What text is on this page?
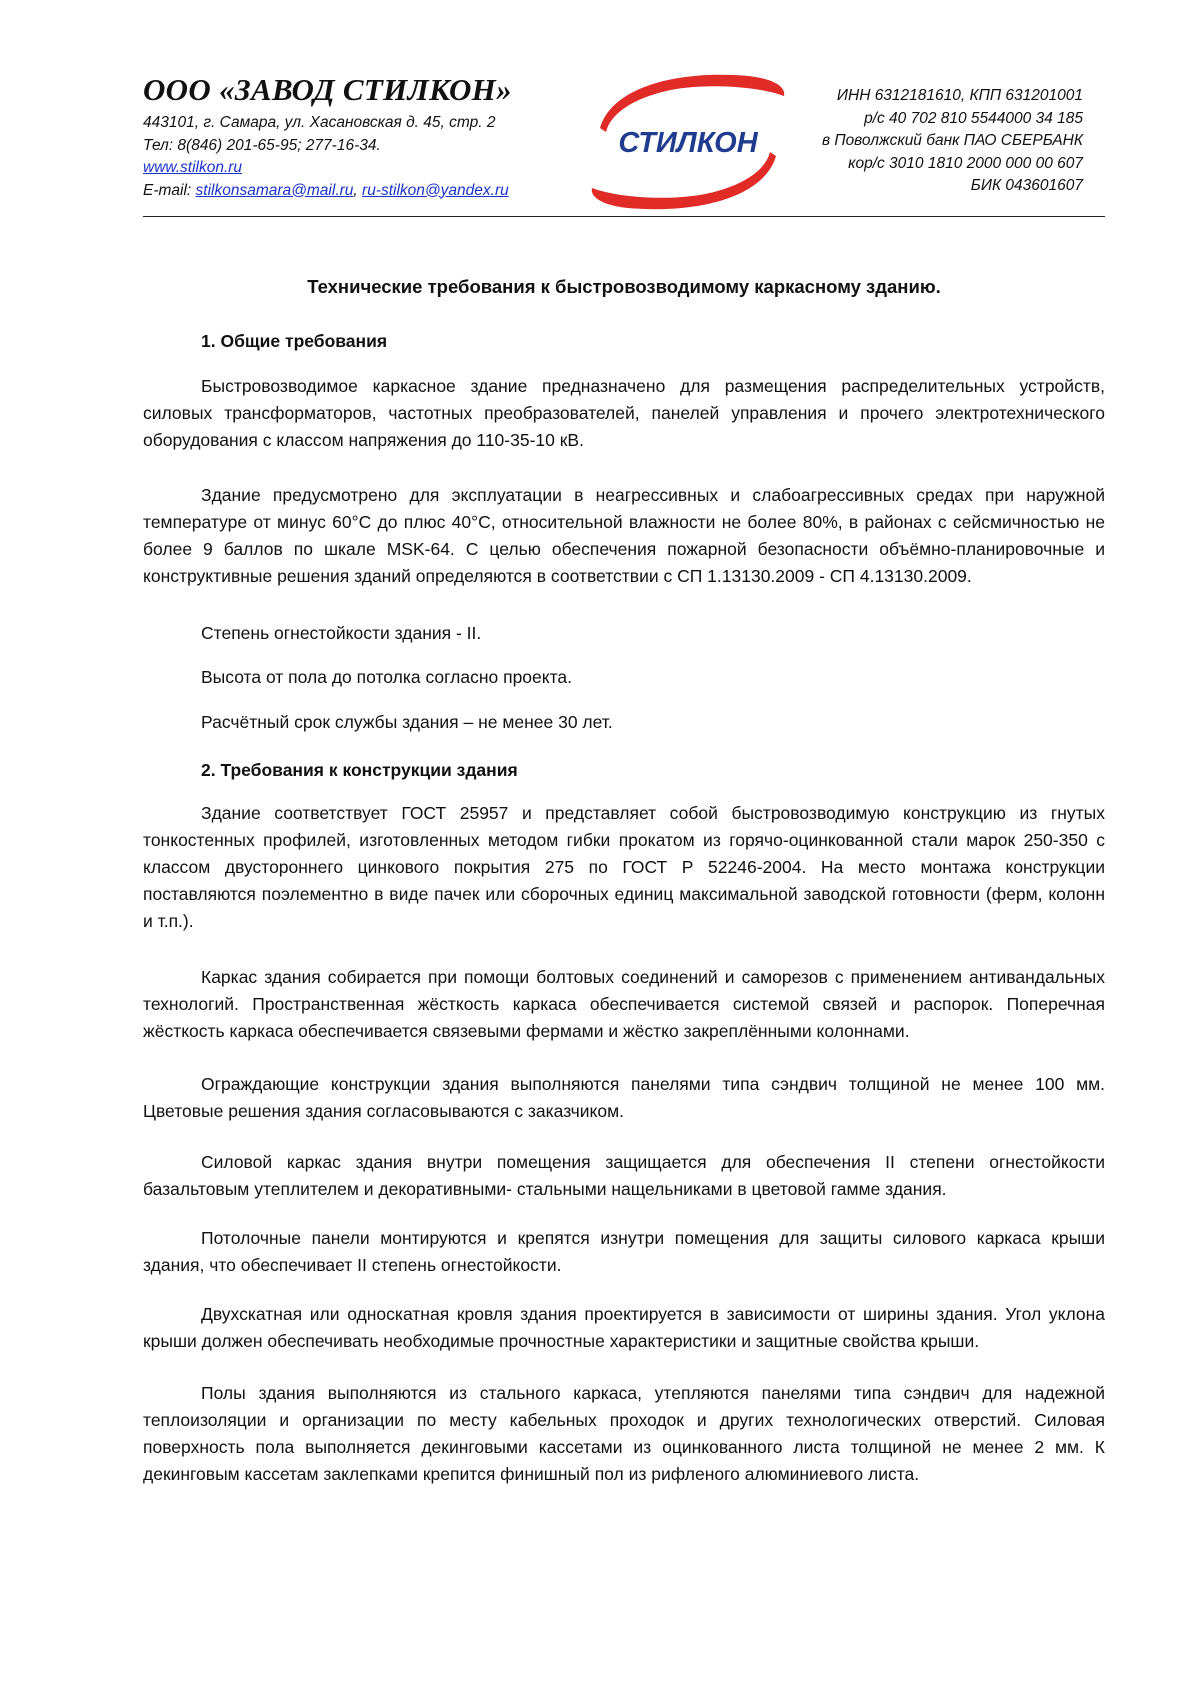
ООО «ЗАВОД СТИЛКОН»
443101, г. Самара, ул. Хасановская д. 45, стр. 2
Тел: 8(846) 201-65-95; 277-16-34.
www.stilkon.ru
E-mail: stilkonsamara@mail.ru, ru-stilkon@yandex.ru
СТИЛКОН
ИНН 6312181610, КПП 631201001
р/с 40 702 810 5544000 34 185
в Поволжский банк ПАО СБЕРБАНК
кор/с 3010 1810 2000 000 00 607
БИК 043601607
Технические требования к быстровозводимому каркасному зданию.
1. Общие требования
Быстровозводимое каркасное здание предназначено для размещения распределительных устройств, силовых трансформаторов, частотных преобразователей, панелей управления и прочего электротехнического оборудования с классом напряжения до 110-35-10 кВ.
Здание предусмотрено для эксплуатации в неагрессивных и слабоагрессивных средах при наружной температуре от минус 60°C до плюс 40°C, относительной влажности не более 80%, в районах с сейсмичностью не более 9 баллов по шкале MSK-64. С целью обеспечения пожарной безопасности объёмно-планировочные и конструктивные решения зданий определяются в соответствии с СП 1.13130.2009 - СП 4.13130.2009.
Степень огнестойкости здания - II.
Высота от пола до потолка согласно проекта.
Расчётный срок службы здания – не менее 30 лет.
2. Требования к конструкции здания
Здание соответствует ГОСТ 25957 и представляет собой быстровозводимую конструкцию из гнутых тонкостенных профилей, изготовленных методом гибки прокатом из горячо-оцинкованной стали марок 250-350 с классом двустороннего цинкового покрытия 275 по ГОСТ Р 52246-2004. На место монтажа конструкции поставляются поэлементно в виде пачек или сборочных единиц максимальной заводской готовности (ферм, колонн и т.п.).
Каркас здания собирается при помощи болтовых соединений и саморезов с применением антивандальных технологий. Пространственная жёсткость каркаса обеспечивается системой связей и распорок. Поперечная жёсткость каркаса обеспечивается связевыми фермами и жёстко закреплёнными колоннами.
Ограждающие конструкции здания выполняются панелями типа сэндвич толщиной не менее 100 мм. Цветовые решения здания согласовываются с заказчиком.
Силовой каркас здания внутри помещения защищается для обеспечения II степени огнестойкости базальтовым утеплителем и декоративными- стальными нащельниками в цветовой гамме здания.
Потолочные панели монтируются и крепятся изнутри помещения для защиты силового каркаса крыши здания, что обеспечивает II степень огнестойкости.
Двухскатная или односкатная кровля здания проектируется в зависимости от ширины здания. Угол уклона крыши должен обеспечивать необходимые прочностные характеристики и защитные свойства крыши.
Полы здания выполняются из стального каркаса, утепляются панелями типа сэндвич для надежной теплоизоляции и организации по месту кабельных проходок и других технологических отверстий. Силовая поверхность пола выполняется декинговыми кассетами из оцинкованного листа толщиной не менее 2 мм. К декинговым кассетам заклепками крепится финишный пол из рифленого алюминиевого листа.
